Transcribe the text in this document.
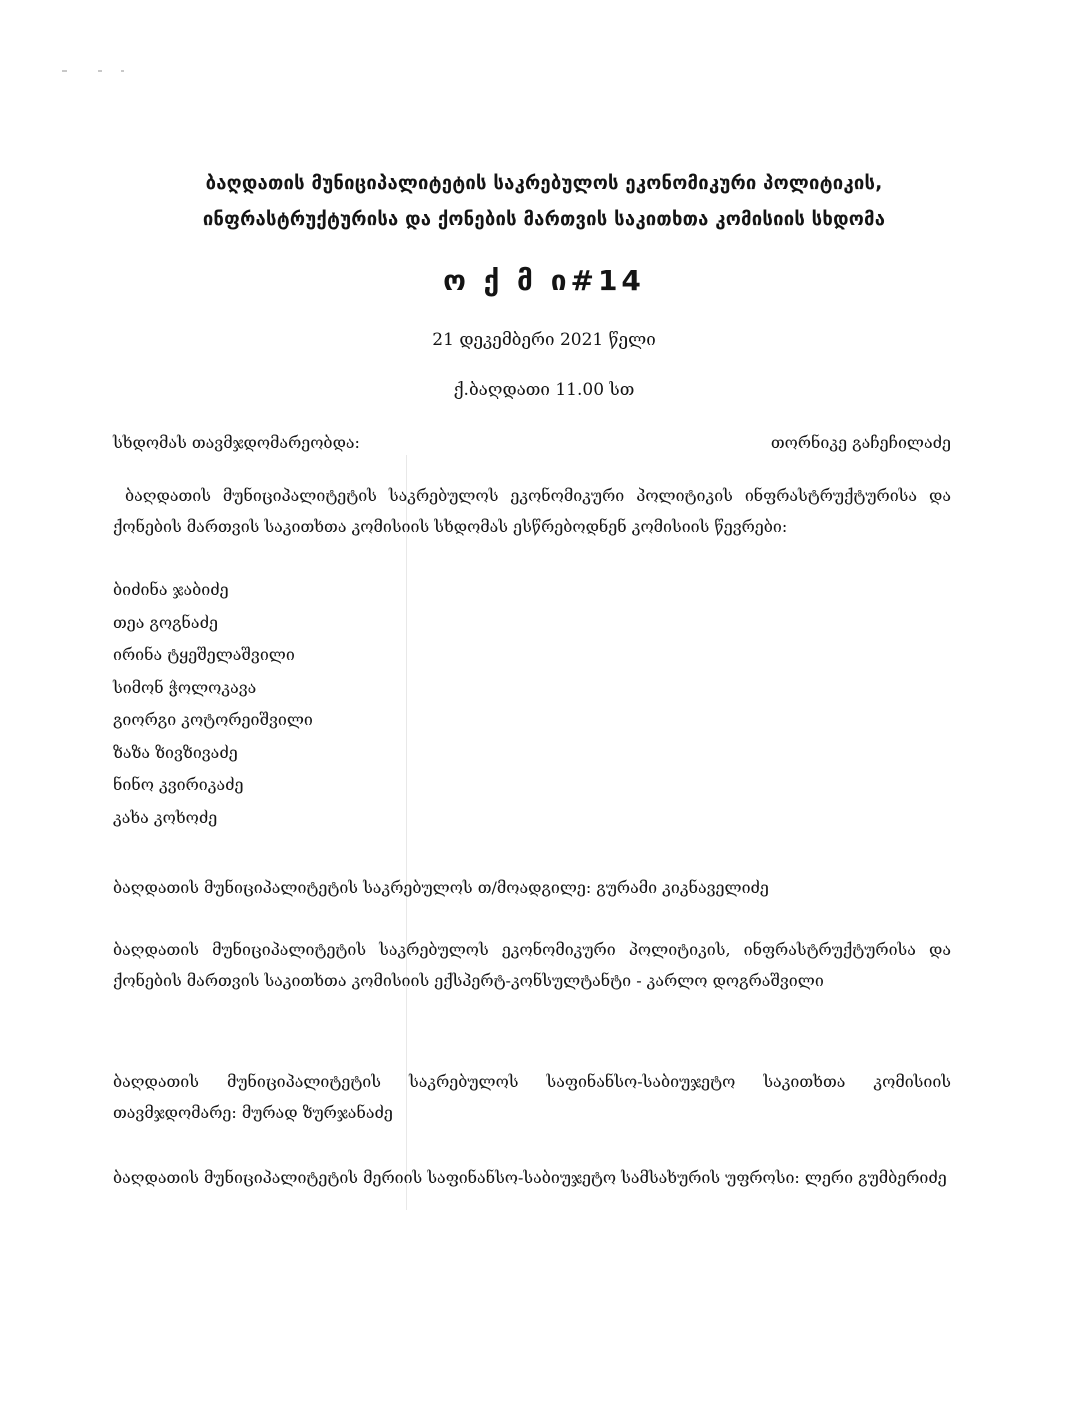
ბაღდათის მუნიციპალიტეტის საკრებულოს ეკონომიკური პოლიტიკის,
ინფრასტრუქტურისა და ქონების მართვის საკითხთა კომისიის სხდომა
ო ქ მ ი#14
21 დეკემბერი 2021 წელი
ქ.ბაღდათი 11.00 სთ
სხდომას თავმჯდომარეობდა:	თორნიკე გაჩეჩილაძე
ბაღდათის მუნიციპალიტეტის საკრებულოს ეკონომიკური პოლიტიკის ინფრასტრუქტურისა და ქონების მართვის საკითხთა კომისიის სხდომას ესწრებოდნენ კომისიის წევრები:
ბიძინა ჯაბიძე
თეა გოგნაძე
ირინა ტყეშელაშვილი
სიმონ ჭოლოკავა
გიორგი კოტორეიშვილი
ზაზა ზივზივაძე
ნინო კვირიკაძე
კახა კოხოძე
ბაღდათის მუნიციპალიტეტის საკრებულოს თ/მოადგილე: გურამი კიკნაველიძე
ბაღდათის მუნიციპალიტეტის საკრებულოს ეკონომიკური პოლიტიკის, ინფრასტრუქტურისა და ქონების მართვის საკითხთა კომისიის ექსპერტ-კონსულტანტი - კარლო დოგრაშვილი
ბაღდათის მუნიციპალიტეტის საკრებულოს საფინანსო-საბიუჯეტო საკითხთა კომისიის თავმჯდომარე: მურად ზურჯანაძე
ბაღდათის მუნიციპალიტეტის მერიის საფინანსო-საბიუჯეტო სამსახურის უფროსი: ლერი გუმბერიძე
